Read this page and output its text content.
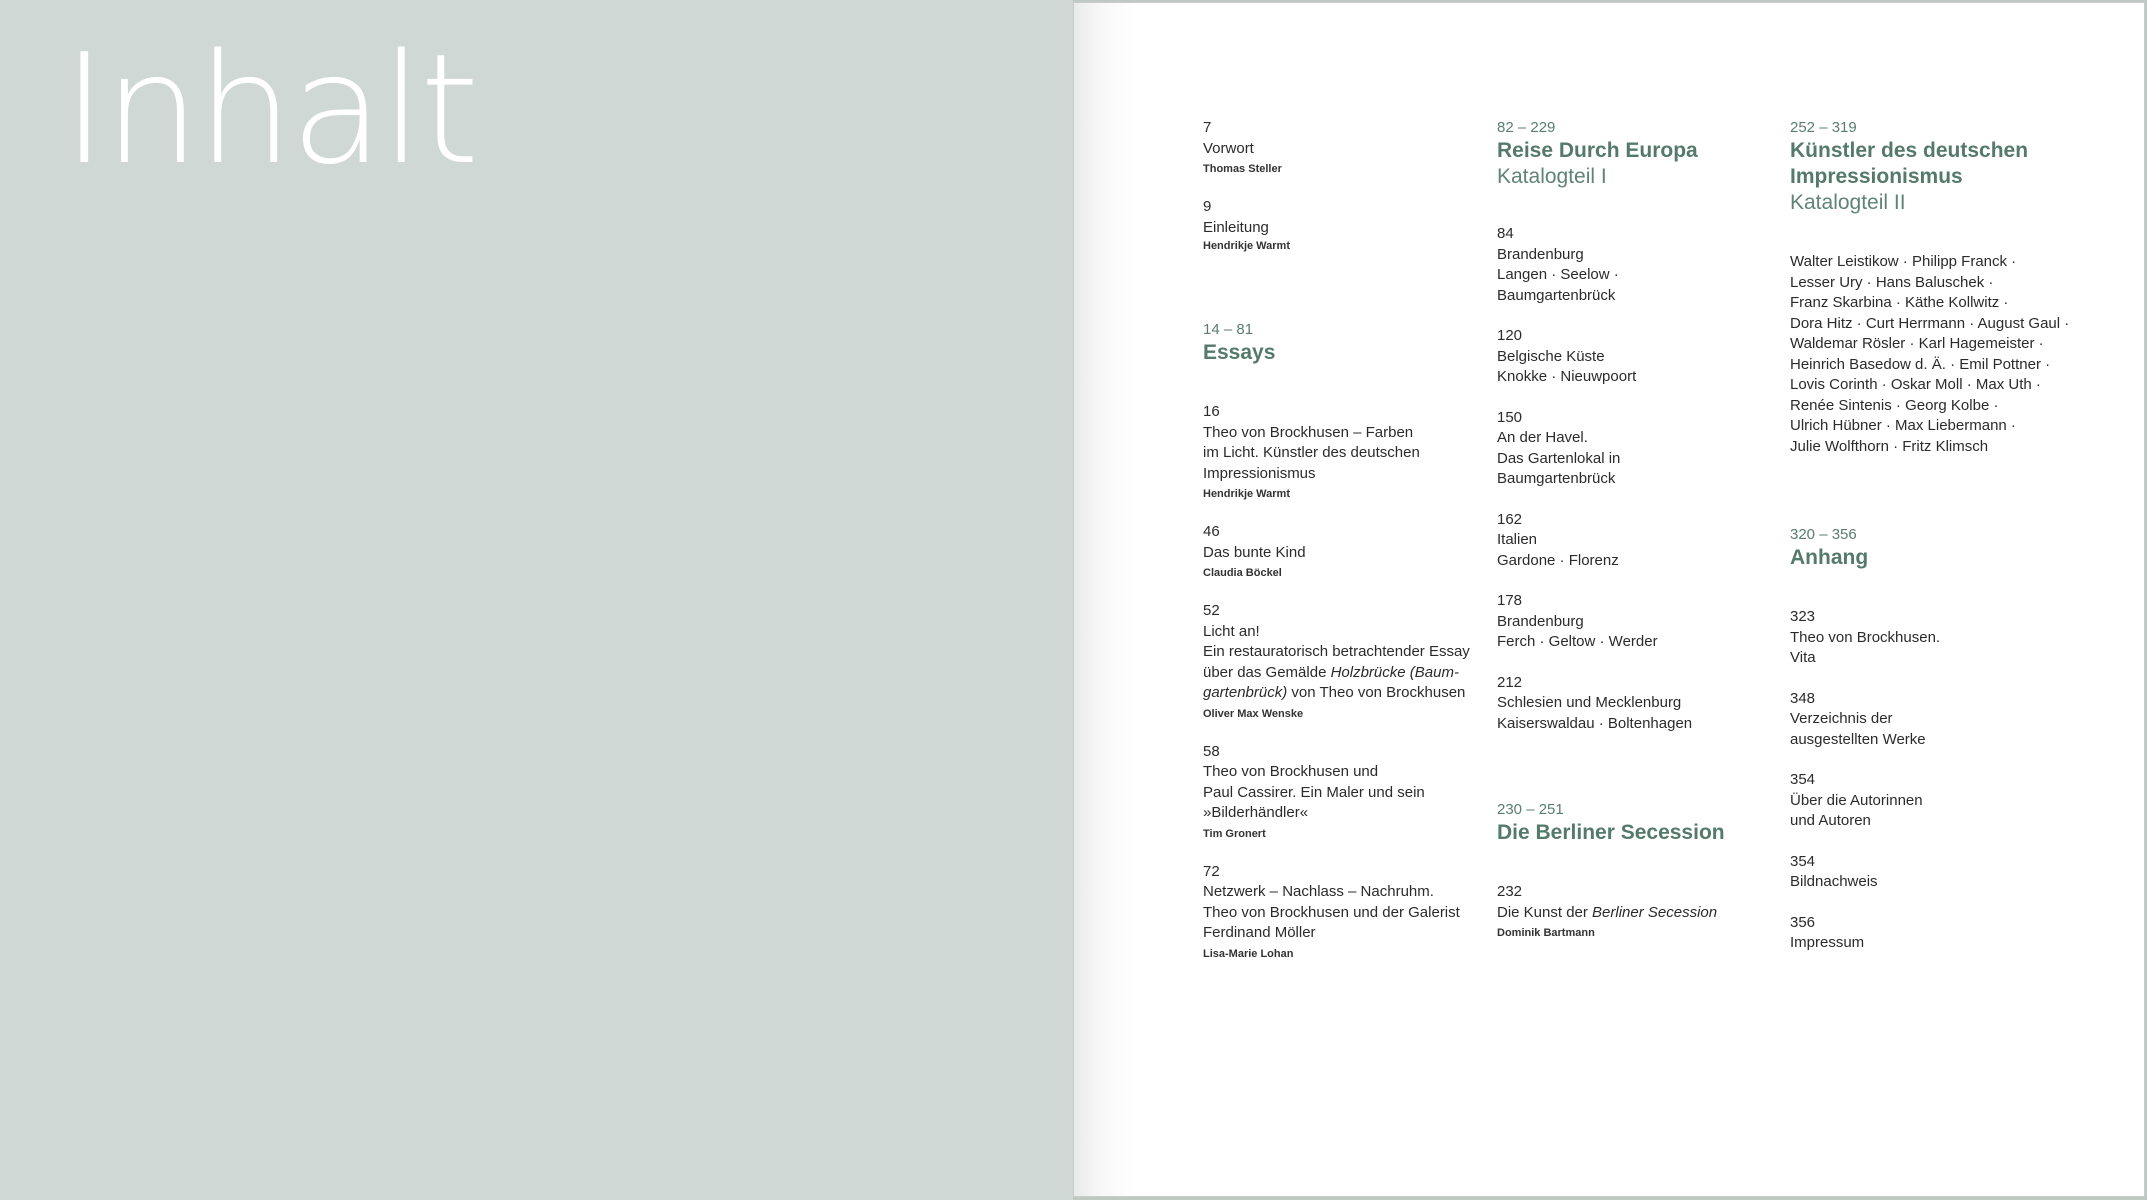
Inhalt	7
Vorwort
Thomas Steller
9
Einleitung
Hendrikje Warmt
14 – 81
Essays
16
Theo von Brockhusen – Farben
im Licht. Künstler des deutschen
Impressionismus
Hendrikje Warmt
46
Das bunte Kind
Claudia Böckel
52
Licht an!
Ein restauratorisch betrachtender Essay
über das Gemälde Holzbrücke (Baum-
gartenbrück) von Theo von Brockhusen
Oliver Max Wenske
58
Theo von Brockhusen und
Paul Cassirer. Ein Maler und sein
»Bilderhändler«
Tim Gronert
72
Netzwerk – Nachlass – Nachruhm.
Theo von Brockhusen und der Galerist
Ferdinand Möller
Lisa-Marie Lohan
82 – 229
Reise Durch Europa
Katalogteil I
84
Brandenburg
Langen · Seelow ·
Baumgartenbrück
120
Belgische Küste
Knokke · Nieuwpoort
150
An der Havel.
Das Gartenlokal in
Baumgartenbrück
162
Italien
Gardone · Florenz
178
Brandenburg
Ferch · Geltow · Werder
212
Schlesien und Mecklenburg
Kaiserswaldau · Boltenhagen
230 – 251
Die Berliner Secession
232
Die Kunst der Berliner Secession
Dominik Bartmann
252 – 319
Künstler des deutschen
Impressionismus
Katalogteil II
Walter Leistikow · Philipp Franck ·
Lesser Ury · Hans Baluschek ·
Franz Skarbina · Käthe Kollwitz ·
Dora Hitz · Curt Herrmann · August Gaul ·
Waldemar Rösler · Karl Hagemeister ·
Heinrich Basedow d. Ä. · Emil Pottner ·
Lovis Corinth · Oskar Moll · Max Uth ·
Renée Sintenis · Georg Kolbe ·
Ulrich Hübner · Max Liebermann ·
Julie Wolfthorn · Fritz Klimsch
320 – 356
Anhang
323
Theo von Brockhusen.
Vita
348
Verzeichnis der
ausgestellten Werke
354
Über die Autorinnen
und Autoren
354
Bildnachweis
356
Impressum
